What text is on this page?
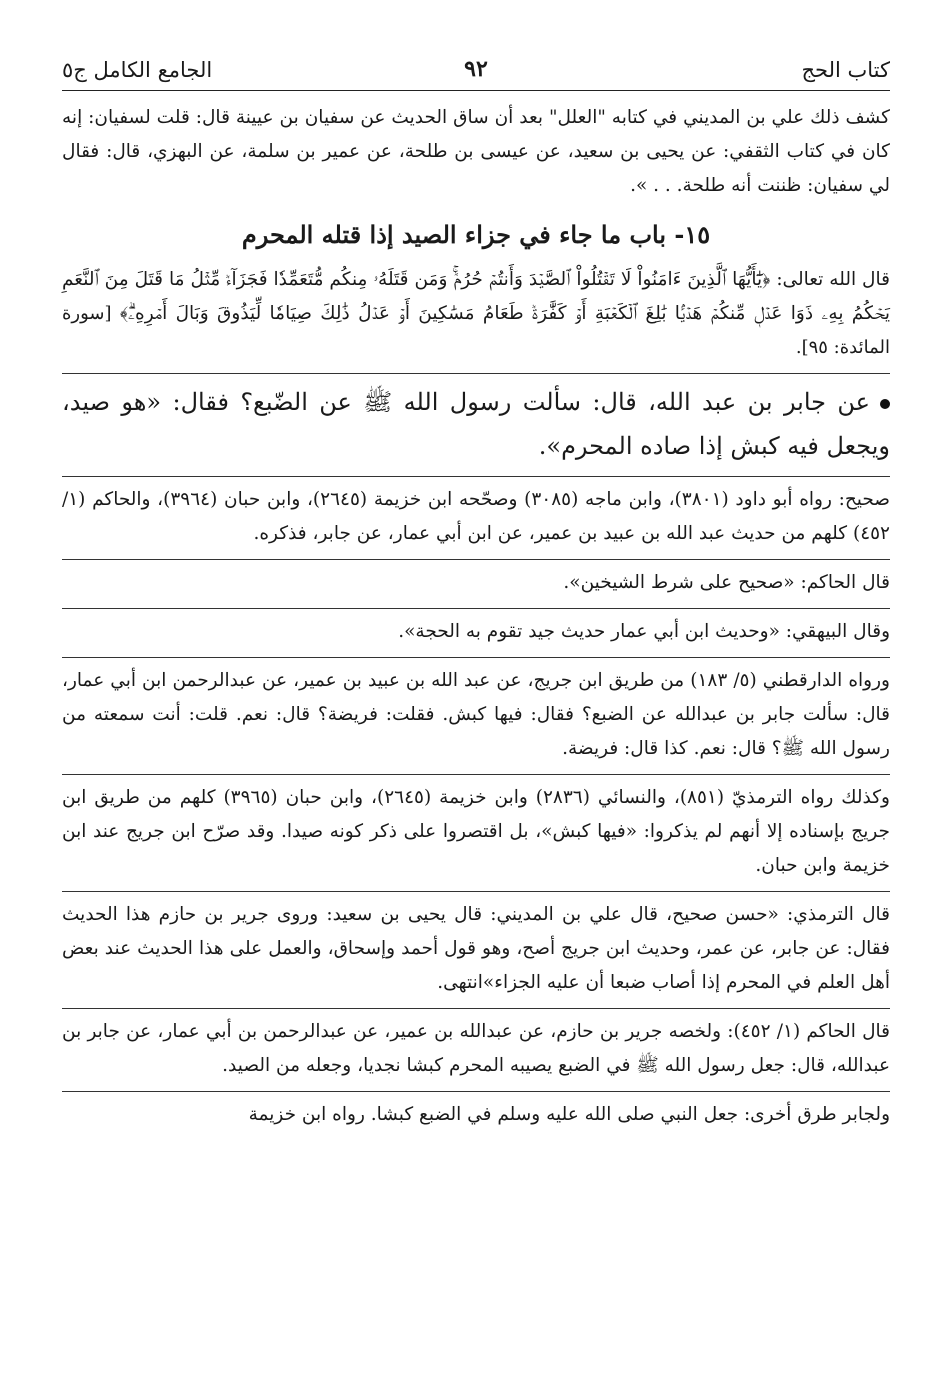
كتاب الحج
٩٢
الجامع الكامل ج٥

كشف ذلك علي بن المديني في كتابه "العلل" بعد أن ساق الحديث عن سفيان بن عيينة قال: قلت لسفيان: إنه كان في كتاب الثقفي: عن يحيى بن سعيد، عن عيسى بن طلحة، عن عمير بن سلمة، عن البهزي، قال: فقال لي سفيان: ظننت أنه طلحة. . . ».

١٥- باب ما جاء في جزاء الصيد إذا قتله المحرم

قال الله تعالى: ﴿يَٰٓأَيُّهَا ٱلَّذِينَ ءَامَنُواْ لَا تَقۡتُلُواْ ٱلصَّيۡدَ وَأَنتُمۡ حُرُمٞۚ وَمَن قَتَلَهُۥ مِنكُم مُّتَعَمِّدٗا فَجَزَآءٞ مِّثۡلُ مَا قَتَلَ مِنَ ٱلنَّعَمِ يَحۡكُمُ بِهِۦ ذَوَا عَدۡلٖ مِّنكُمۡ هَدۡيَۢا بَٰلِغَ ٱلۡكَعۡبَةِ أَوۡ كَفَّٰرَةٞ طَعَامُ مَسَٰكِينَ أَوۡ عَدۡلُ ذَٰلِكَ صِيَامٗا لِّيَذُوقَ وَبَالَ أَمۡرِهِۦۗ﴾ [سورة المائدة: ٩٥].

عن جابر بن عبد الله، قال: سألت رسول الله ﷺ عن الضّبع؟ فقال: «هو صيد، ويجعل فيه كبش إذا صاده المحرم».

صحيح: رواه أبو داود (٣٨٠١)، وابن ماجه (٣٠٨٥) وصحّحه ابن خزيمة (٢٦٤٥)، وابن حبان (٣٩٦٤)، والحاكم (١/ ٤٥٢) كلهم من حديث عبد الله بن عبيد بن عمير، عن ابن أبي عمار، عن جابر، فذكره.

قال الحاكم: «صحيح على شرط الشيخين».

وقال البيهقي: «وحديث ابن أبي عمار حديث جيد تقوم به الحجة».

ورواه الدارقطني (٥/ ١٨٣) من طريق ابن جريج، عن عبد الله بن عبيد بن عمير، عن عبدالرحمن ابن أبي عمار، قال: سألت جابر بن عبدالله عن الضبع؟ فقال: فيها كبش. فقلت: فريضة؟ قال: نعم. قلت: أنت سمعته من رسول الله ﷺ؟ قال: نعم. كذا قال: فريضة.

وكذلك رواه الترمذيّ (٨٥١)، والنسائي (٢٨٣٦) وابن خزيمة (٢٦٤٥)، وابن حبان (٣٩٦٥) كلهم من طريق ابن جريج بإسناده إلا أنهم لم يذكروا: «فيها كبش»، بل اقتصروا على ذكر كونه صيدا. وقد صرّح ابن جريج عند ابن خزيمة وابن حبان.

قال الترمذي: «حسن صحيح، قال علي بن المديني: قال يحيى بن سعيد: وروى جرير بن حازم هذا الحديث فقال: عن جابر، عن عمر، وحديث ابن جريج أصح، وهو قول أحمد وإسحاق، والعمل على هذا الحديث عند بعض أهل العلم في المحرم إذا أصاب ضبعا أن عليه الجزاء»انتهى.

قال الحاكم (١/ ٤٥٢): ولخصه جرير بن حازم، عن عبدالله بن عمير، عن عبدالرحمن بن أبي عمار، عن جابر بن عبدالله، قال: جعل رسول الله ﷺ في الضبع يصيبه المحرم كبشا نجديا، وجعله من الصيد.

ولجابر طرق أخرى: جعل النبي صلى الله عليه وسلم في الضبع كبشا. رواه ابن خزيمة
